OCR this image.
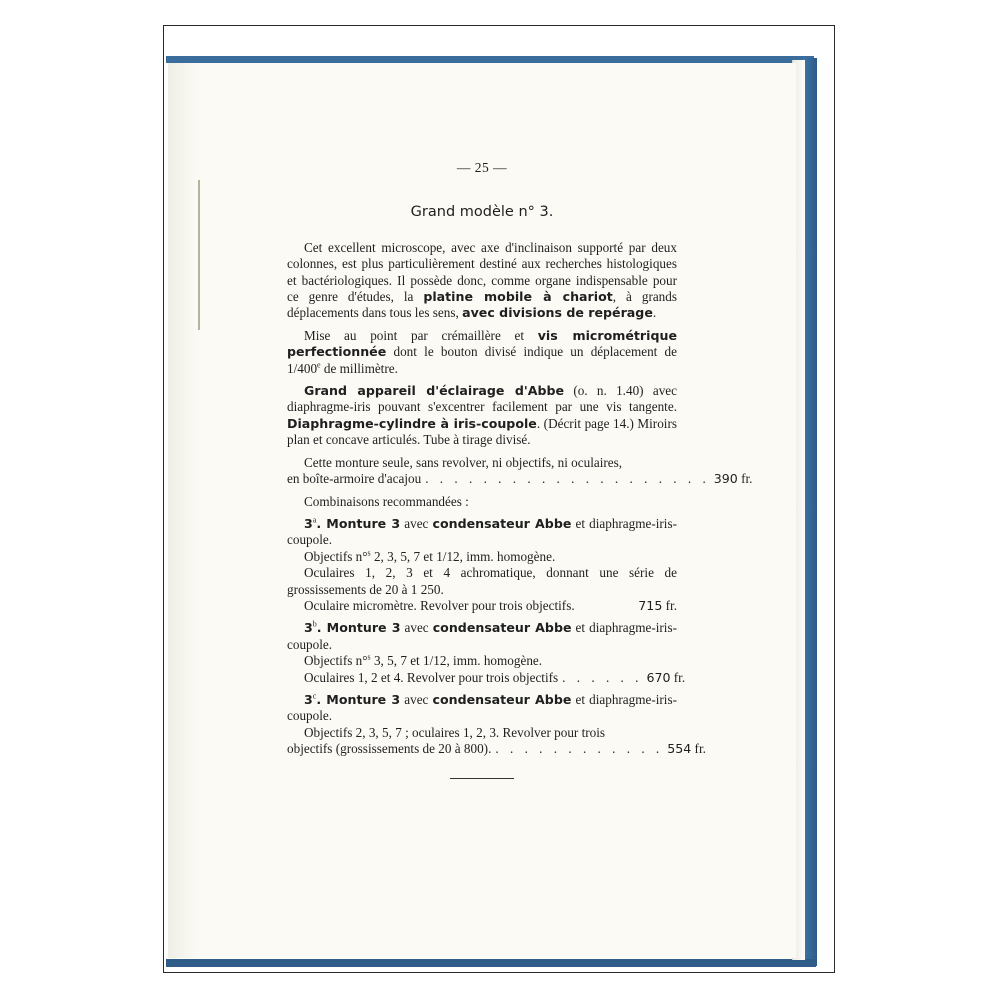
— 25 —
Grand modèle n° 3.

Cet excellent microscope, avec axe d'inclinaison supporté par deux colonnes, est plus particulièrement destiné aux recherches histologiques et bactériologiques. Il possède donc, comme organe indispensable pour ce genre d'études, la platine mobile à chariot, à grands déplacements dans tous les sens, avec divisions de repérage.

Mise au point par crémaillère et vis micrométrique perfectionnée dont le bouton divisé indique un déplacement de 1/400e de millimètre.

Grand appareil d'éclairage d'Abbe (o. n. 1.40) avec diaphragme-iris pouvant s'excentrer facilement par une vis tangente. Diaphragme-cylindre à iris-coupole. (Décrit page 14.) Miroirs plan et concave articulés. Tube à tirage divisé.

Cette monture seule, sans revolver, ni objectifs, ni oculaires,

en boîte-armoire d'acajou . . . . . . . . . . . . . . . . . . . . 390 fr.

Combinaisons recommandées :

3$^a$. Monture 3 avec condensateur Abbe et diaphragme-iris-coupole.

Objectifs n°$^s$ 2, 3, 5, 7 et 1/12, imm. homogène.

Oculaires 1, 2, 3 et 4 achromatique, donnant une série de grossissements de 20 à 1 250.

Oculaire micromètre. Revolver pour trois objectifs.	715 fr.

3$^b$. Monture 3 avec condensateur Abbe et diaphragme-iris-coupole.

Objectifs n°$^s$ 3, 5, 7 et 1/12, imm. homogène.

Oculaires 1, 2 et 4. Revolver pour trois objectifs . . . . . . 670 fr.

3$^c$. Monture 3 avec condensateur Abbe et diaphragme-iris-coupole.

Objectifs 2, 3, 5, 7 ; oculaires 1, 2, 3. Revolver pour trois

objectifs (grossissements de 20 à 800). . . . . . . . . . . . . 554 fr.
